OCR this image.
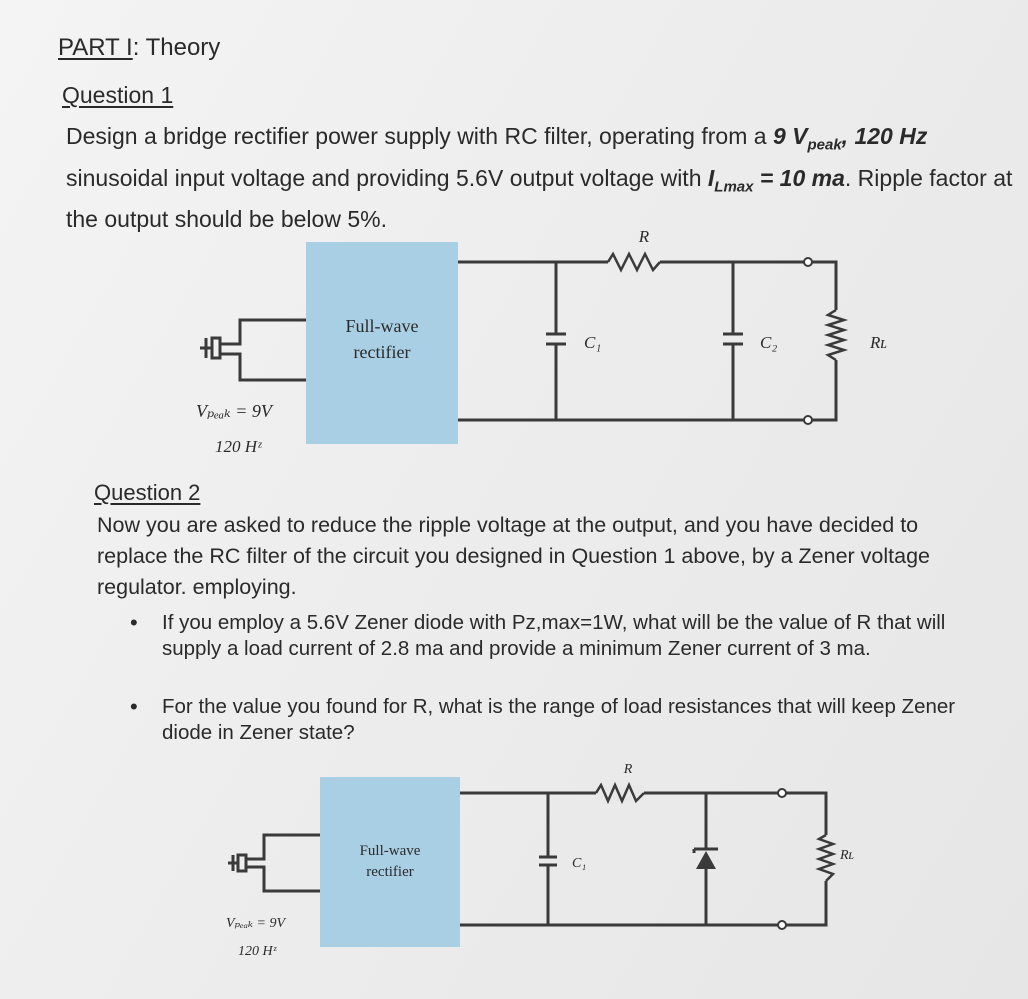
PART I: Theory
Question 1
Design a bridge rectifier power supply with RC filter, operating from a 9 $V_{peak}$, 120 Hz sinusoidal input voltage and providing 5.6V output voltage with $I_{Lmax} = 10$ ma. Ripple factor at the output should be below 5%.
Full-wave
rectifier
R
C₁	C₂	Rʟ
Vₚₑₐₖ = 9V
120 Hᶻ
Question 2
Now you are asked to reduce the ripple voltage at the output, and you have decided to replace the RC filter of the circuit you designed in Question 1 above, by a Zener voltage regulator. employing.
• If you employ a 5.6V Zener diode with Pz,max=1W, what will be the value of R that will supply a load current of 2.8 ma and provide a minimum Zener current of 3 ma.
• For the value you found for R, what is the range of load resistances that will keep Zener diode in Zener state?
Full-wave
rectifier
R
C₁
Rʟ
Vₚₑₐₖ = 9V
120 Hᶻ
